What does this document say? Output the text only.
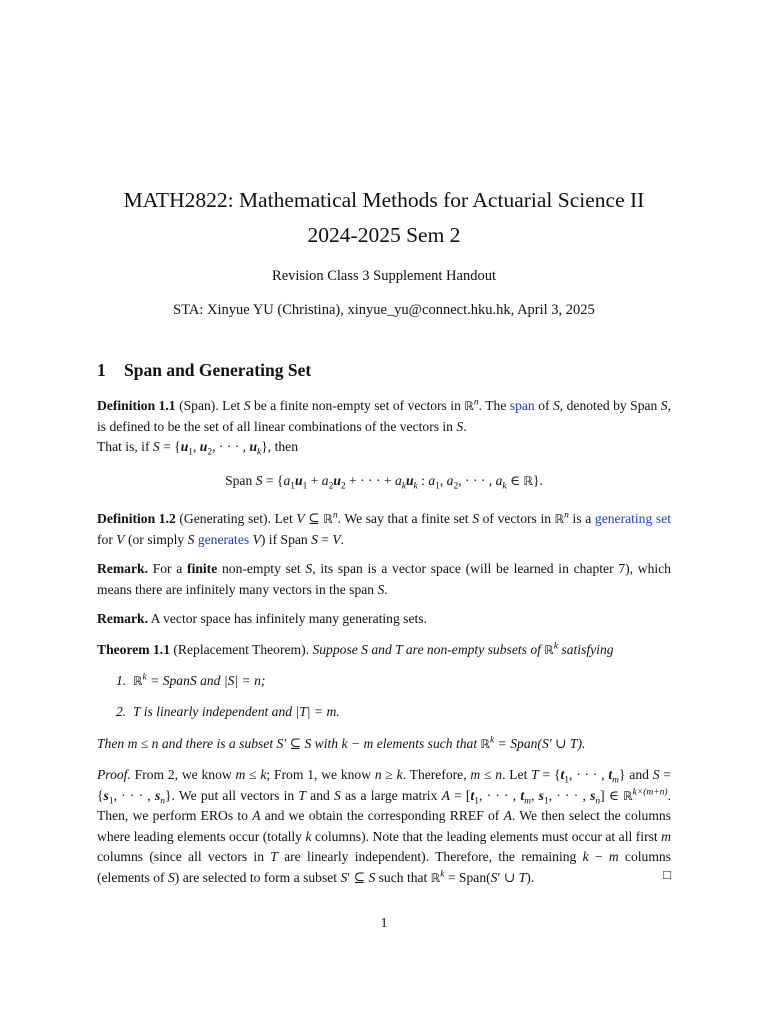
MATH2822: Mathematical Methods for Actuarial Science II
2024-2025 Sem 2
Revision Class 3 Supplement Handout
STA: Xinyue YU (Christina), xinyue_yu@connect.hku.hk, April 3, 2025
1 Span and Generating Set
Definition 1.1 (Span). Let S be a finite non-empty set of vectors in ℝ$^n$. The span of S, denoted by Span S, is defined to be the set of all linear combinations of the vectors in S.
That is, if $S = \{u_1$, $u_2$, · · · , $u_k$}, then
Span $S = \{a_1u_1 + a_2u_2$ + · · · + $a_ku_k$ : $a_1$, $a_2$, · · · , $a_k$ ∈ ℝ}.
Definition 1.2 (Generating set). Let V ⊆ ℝ$^n$. We say that a finite set S of vectors in ℝ$^n$ is a generating set for V (or simply S generates V) if Span S = V.
Remark. For a finite non-empty set S, its span is a vector space (will be learned in chapter 7), which means there are infinitely many vectors in the span S.
Remark. A vector space has infinitely many generating sets.
Theorem 1.1 (Replacement Theorem). Suppose S and T are non-empty subsets of ℝ$^k$ satisfying
1.  ℝ$^k$ = SpanS and |S| = n;
2.  T is linearly independent and |T| = m.
Then m ≤ n and there is a subset S′ ⊆ S with k − m elements such that ℝ$^k$ = Span(S′ ∪ T).
Proof. From 2, we know m ≤ k; From 1, we know n ≥ k. Therefore, m ≤ n. Let $T = \{t_1$, · · · , $t_m$} and $S = \{s_1$, · · · , $s_n$}. We put all vectors in T and S as a large matrix $A = [t_1$, · · · , $t_m$, $s_1$, · · · , $s_n$] ∈ ℝ$^{k\times(m+n)}$. Then, we perform EROs to A and we obtain the corresponding RREF of A. We then select the columns where leading elements occur (totally k columns). Note that the leading elements must occur at all first m columns (since all vectors in T are linearly independent). Therefore, the remaining k − m columns (elements of S) are selected to form a subset S′ ⊆ S such that ℝ$^k$ = Span(S′ ∪ T).	□
1
